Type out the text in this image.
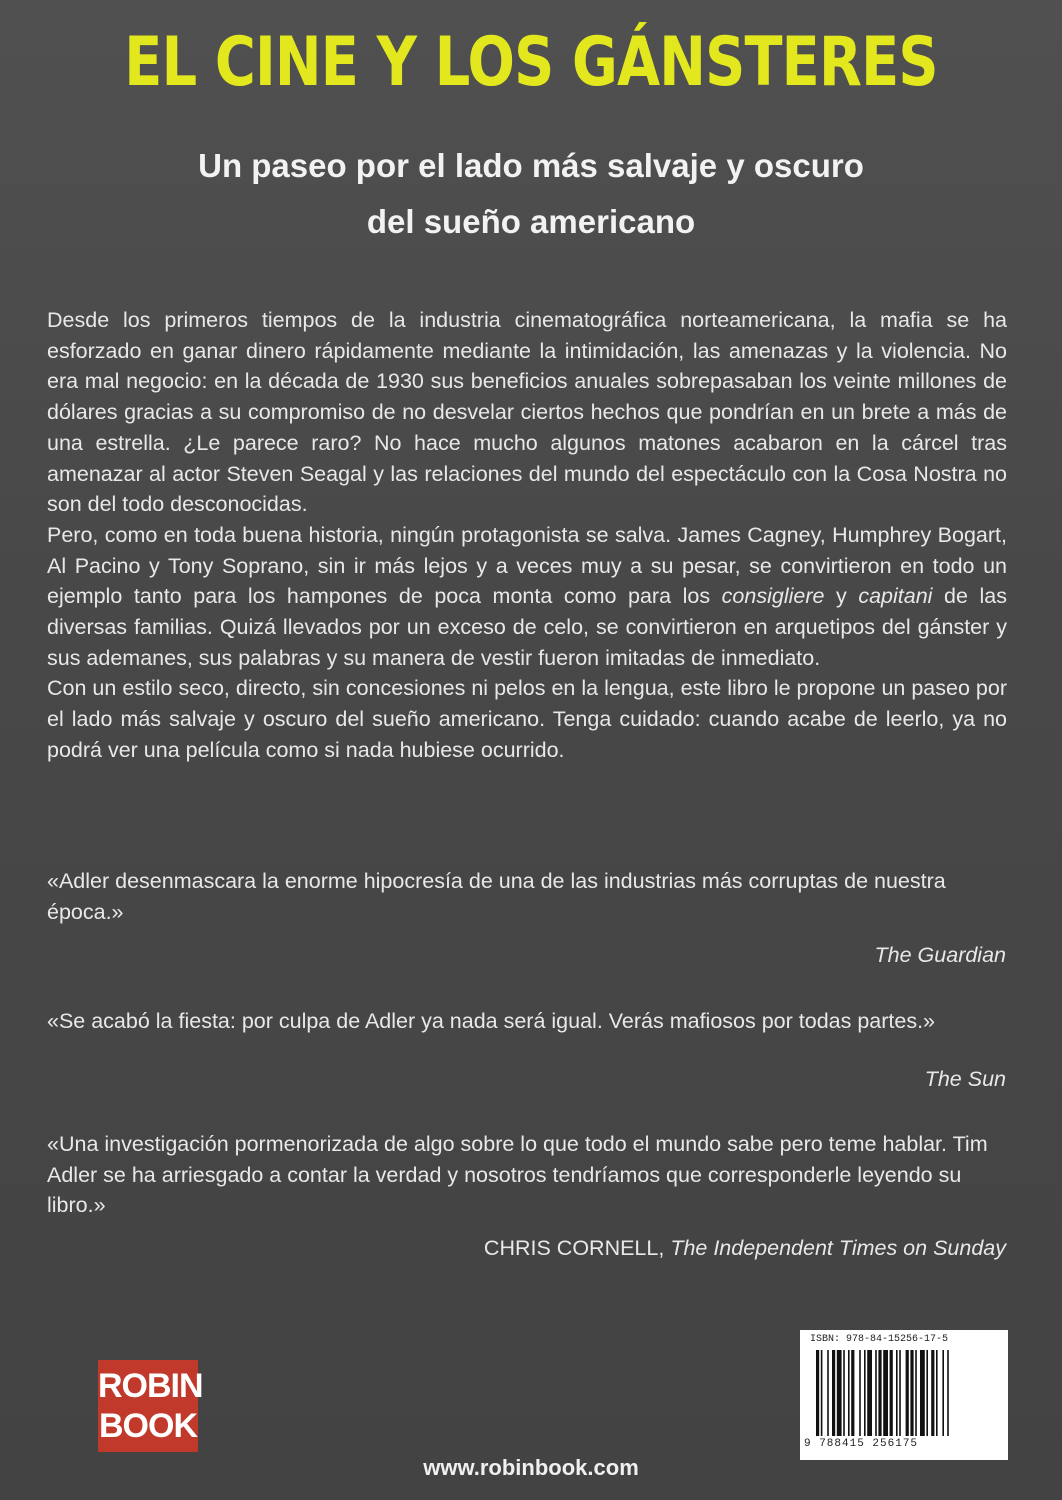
EL CINE Y LOS GÁNSTERES
Un paseo por el lado más salvaje y oscuro
del sueño americano

Desde los primeros tiempos de la industria cinematográfica norteamericana, la mafia se ha esforzado en ganar dinero rápidamente mediante la intimidación, las amenazas y la violencia. No era mal negocio: en la década de 1930 sus beneficios anuales sobrepasaban los veinte millones de dólares gracias a su compromiso de no desvelar ciertos hechos que pondrían en un brete a más de una estrella. ¿Le parece raro? No hace mucho algunos matones acabaron en la cárcel tras amenazar al actor Steven Seagal y las relaciones del mundo del espectáculo con la Cosa Nostra no son del todo desconocidas.

Pero, como en toda buena historia, ningún protagonista se salva. James Cagney, Humphrey Bogart, Al Pacino y Tony Soprano, sin ir más lejos y a veces muy a su pesar, se convirtieron en todo un ejemplo tanto para los hampones de poca monta como para los consigliere y capitani de las diversas familias. Quizá llevados por un exceso de celo, se convirtieron en arquetipos del gánster y sus ademanes, sus palabras y su manera de vestir fueron imitadas de inmediato.

Con un estilo seco, directo, sin concesiones ni pelos en la lengua, este libro le propone un paseo por el lado más salvaje y oscuro del sueño americano. Tenga cuidado: cuando acabe de leerlo, ya no podrá ver una película como si nada hubiese ocurrido.

«Adler desenmascara la enorme hipocresía de una de las industrias más corruptas de nuestra época.»

The Guardian

«Se acabó la fiesta: por culpa de Adler ya nada será igual. Verás mafiosos por todas partes.»

The Sun

«Una investigación pormenorizada de algo sobre lo que todo el mundo sabe pero teme hablar. Tim Adler se ha arriesgado a contar la verdad y nosotros tendríamos que corresponderle leyendo su libro.»

CHRIS CORNELL, The Independent Times on Sunday
ROBIN
BOOK
www.robinbook.com
ISBN: 978-84-15256-17-5
9 788415 256175
